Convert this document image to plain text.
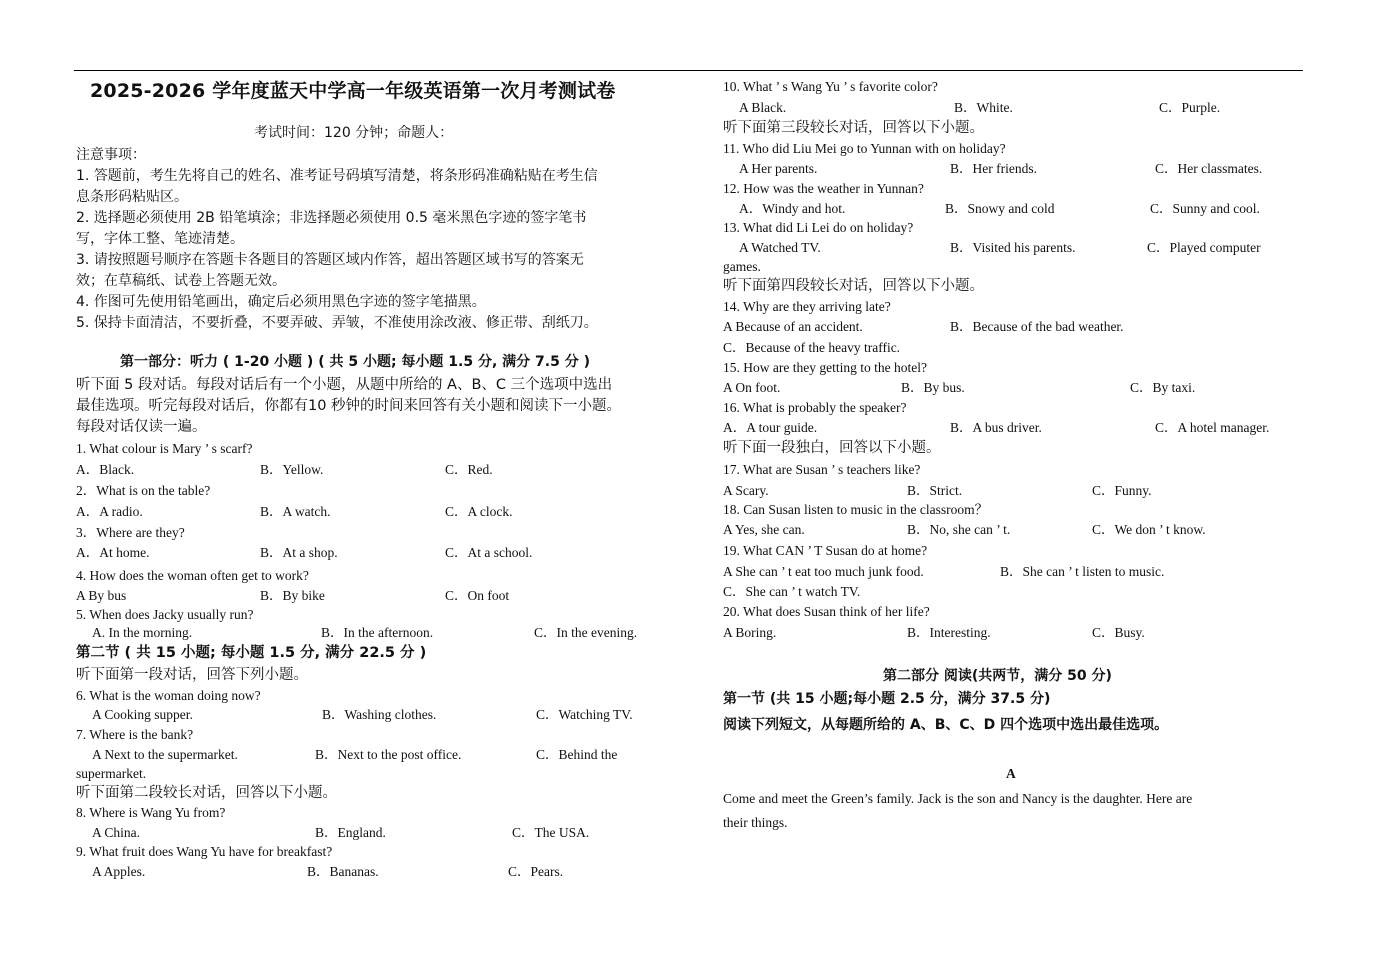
2025-2026 学年度蓝天中学高一年级英语第一次月考测试卷
考试时间：120 分钟；命题人：
注意事项：
1. 答题前，考生先将自己的姓名、准考证号码填写清楚，将条形码准确粘贴在考生信
息条形码粘贴区。
2. 选择题必须使用 2B 铅笔填涂；非选择题必须使用 0.5 毫米黑色字迹的签字笔书
写，字体工整、笔迹清楚。
3. 请按照题号顺序在答题卡各题目的答题区域内作答，超出答题区域书写的答案无
效；在草稿纸、试卷上答题无效。
4. 作图可先使用铅笔画出，确定后必须用黑色字迹的签字笔描黑。
5. 保持卡面清洁，不要折叠，不要弄破、弄皱，不准使用涂改液、修正带、刮纸刀。
第一部分：听力 ( 1-20 小题 ) ( 共 5 小题; 每小题 1.5 分, 满分 7.5 分 )
听下面 5 段对话。每段对话后有一个小题，从题中所给的 A、B、C 三个选项中选出
最佳选项。听完每段对话后，你都有10 秒钟的时间来回答有关小题和阅读下一小题。
每段对话仅读一遍。
1. What colour is Mary ’ s scarf?
A．Black.	B．Yellow.	C．Red.
2．What is on the table?
A．A radio.	B．A watch.	C．A clock.
3．Where are they?
A．At home.	B．At a shop.	C．At a school.
4. How does the woman often get to work?
A By bus	B．By bike	C．On foot
5. When does Jacky usually run?
A. In the morning.	B．In the afternoon.	C．In the evening.
第二节 ( 共 15 小题; 每小题 1.5 分, 满分 22.5 分 )
听下面第一段对话，回答下列小题。
6. What is the woman doing now?
A Cooking supper.	B．Washing clothes.	C．Watching TV.
7. Where is the bank?
A Next to the supermarket.	B．Next to the post office.	C．Behind the
supermarket.
听下面第二段较长对话，回答以下小题。
8. Where is Wang Yu from?
A China.	B．England.	C．The USA.
9. What fruit does Wang Yu have for breakfast?
A Apples.	B．Bananas.	C．Pears.
10. What ’ s Wang Yu ’ s favorite color?
A Black.	B．White.	C．Purple.
听下面第三段较长对话，回答以下小题。
11. Who did Liu Mei go to Yunnan with on holiday?
A Her parents.	B．Her friends.	C．Her classmates.
12. How was the weather in Yunnan?
A．Windy and hot.	B．Snowy and cold	C．Sunny and cool.
13. What did Li Lei do on holiday?
A Watched TV.	B．Visited his parents.	C．Played computer
games.
听下面第四段较长对话，回答以下小题。
14. Why are they arriving late?
A Because of an accident.	B．Because of the bad weather.
C．Because of the heavy traffic.
15. How are they getting to the hotel?
A On foot.	B．By bus.	C．By taxi.
16. What is probably the speaker?
A．A tour guide.	B．A bus driver.	C．A hotel manager.
听下面一段独白，回答以下小题。
17. What are Susan ’ s teachers like?
A Scary.	B．Strict.	C．Funny.
18. Can Susan listen to music in the classroom？
A Yes, she can.	B．No, she can ’ t.	C．We don ’ t know.
19. What CAN ’ T Susan do at home?
A She can ’ t eat too much junk food.	B．She can ’ t listen to music.
C．She can ’ t watch TV.
20. What does Susan think of her life?
A Boring.	B．Interesting.	C．Busy.
第二部分 阅读(共两节，满分 50 分)
第一节 (共 15 小题;每小题 2.5 分，满分 37.5 分)
阅读下列短文，从每题所给的 A、B、C、D 四个选项中选出最佳选项。
A
Come and meet the Green’s family. Jack is the son and Nancy is the daughter. Here are
their things.
